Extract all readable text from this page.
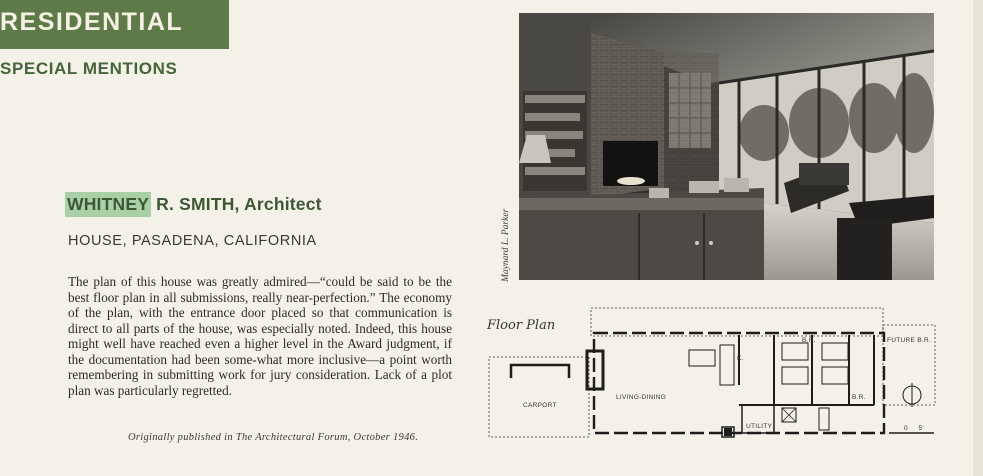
RESIDENTIAL
SPECIAL MENTIONS
WHITNEY R. SMITH, Architect
HOUSE, PASADENA, CALIFORNIA
The plan of this house was greatly admired—“could be said to be the best floor plan in all submissions, really near-perfection.” The economy of the plan, with the entrance door placed so that communication is direct to all parts of the house, was especially noted. Indeed, this house might well have reached even a higher level in the Award judgment, if the documentation had been some-what more inclusive—a point worth remembering in submitting work for jury consideration. Lack of a plot plan was particularly regretted.
Originally published in The Architectural Forum, October 1946.
Maynard L. Parker
Floor Plan
CARPORT
LIVING-DINING
UTILITY
B.R.
B.R.
FUTURE B.R.
K.
0     5'
